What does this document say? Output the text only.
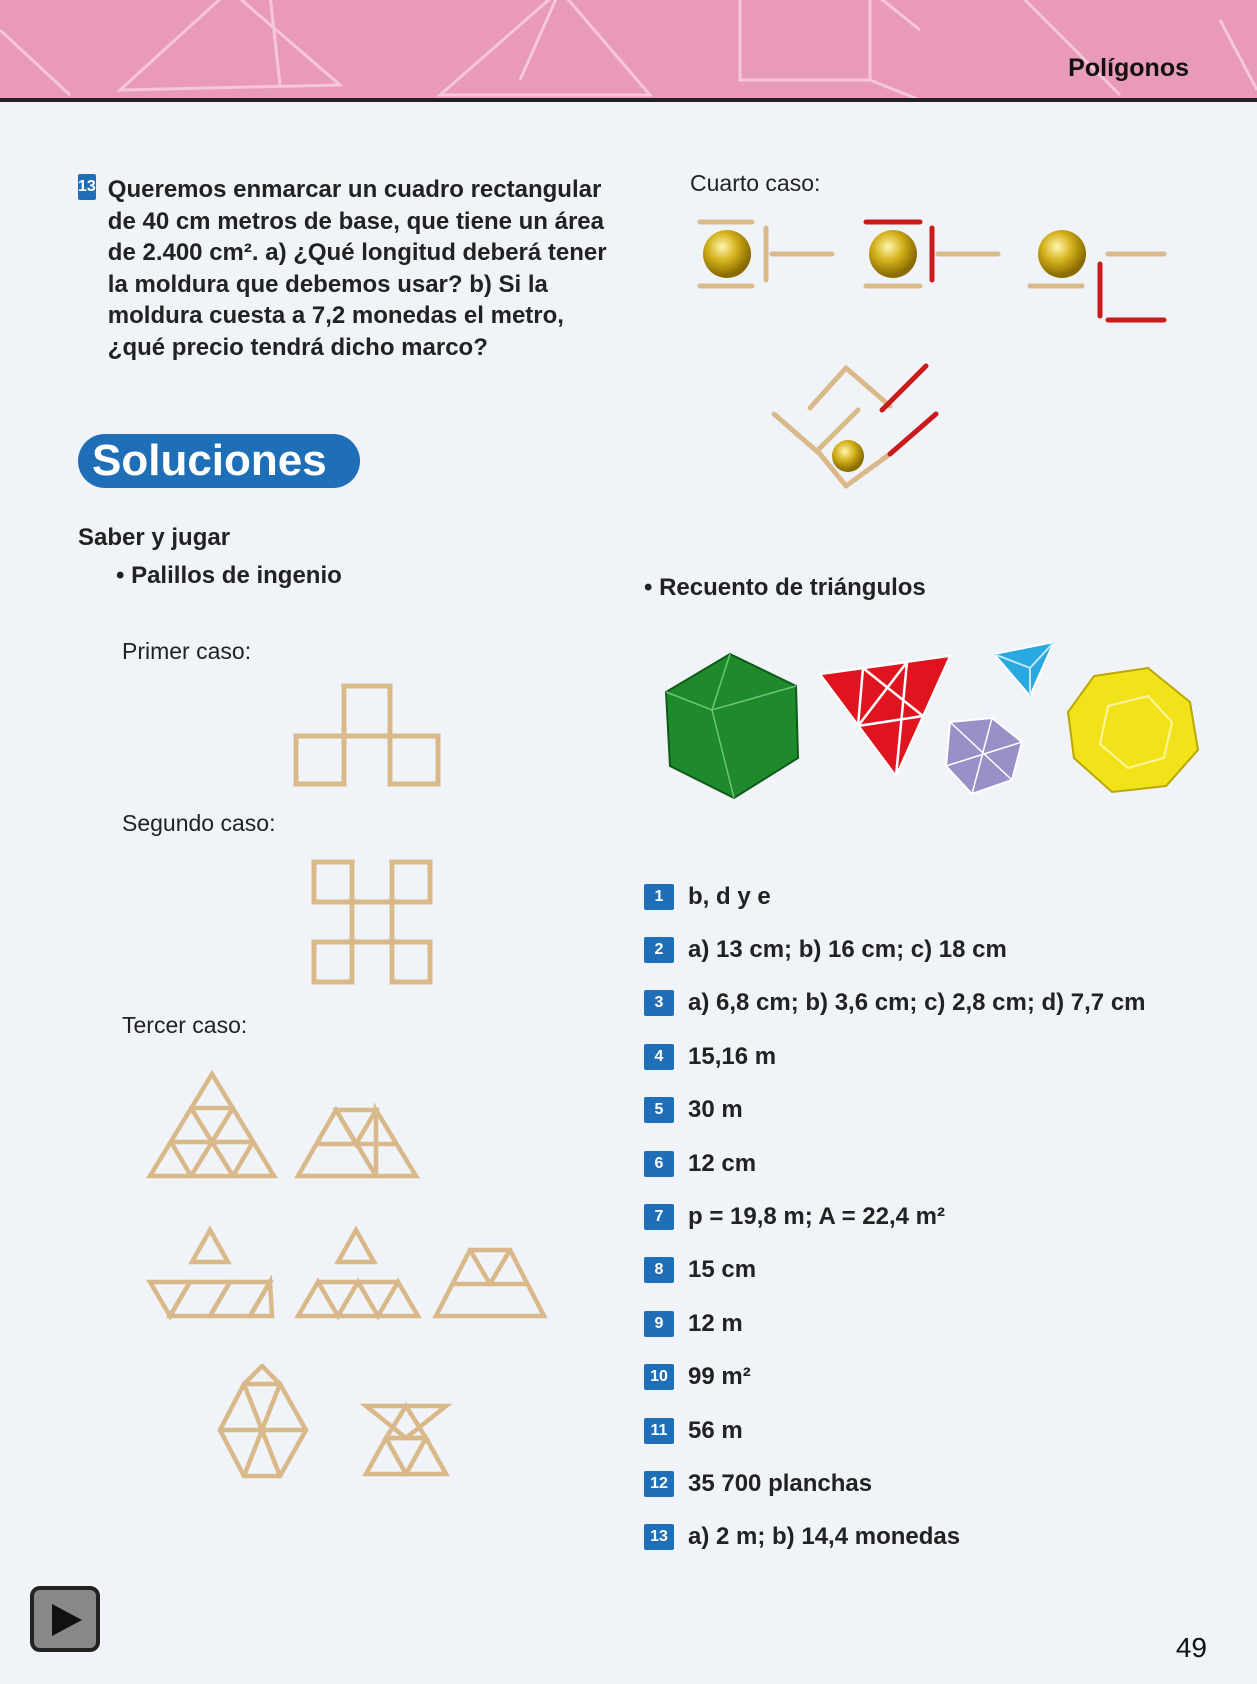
Polígonos
13 Queremos enmarcar un cuadro rectangular de 40 cm metros de base, que tiene un área de 2.400 cm². a) ¿Qué longitud deberá tener la moldura que debemos usar? b) Si la moldura cuesta a 7,2 monedas el metro, ¿qué precio tendrá dicho marco?

Soluciones
Saber y jugar
• Palillos de ingenio
Primer caso:
Segundo caso:
Tercer caso:
Cuarto caso:
• Recuento de triángulos
1	b, d y e
2	a) 13 cm; b) 16 cm; c) 18 cm
3	a) 6,8 cm; b) 3,6 cm; c) 2,8 cm; d) 7,7 cm
4	15,16 m
5	30 m
6	12 cm
7	p = 19,8 m; A = 22,4 m²
8	15 cm
9	12 m
10 99 m²
11 56 m
12 35 700 planchas
13 a) 2 m; b) 14,4 monedas
49
